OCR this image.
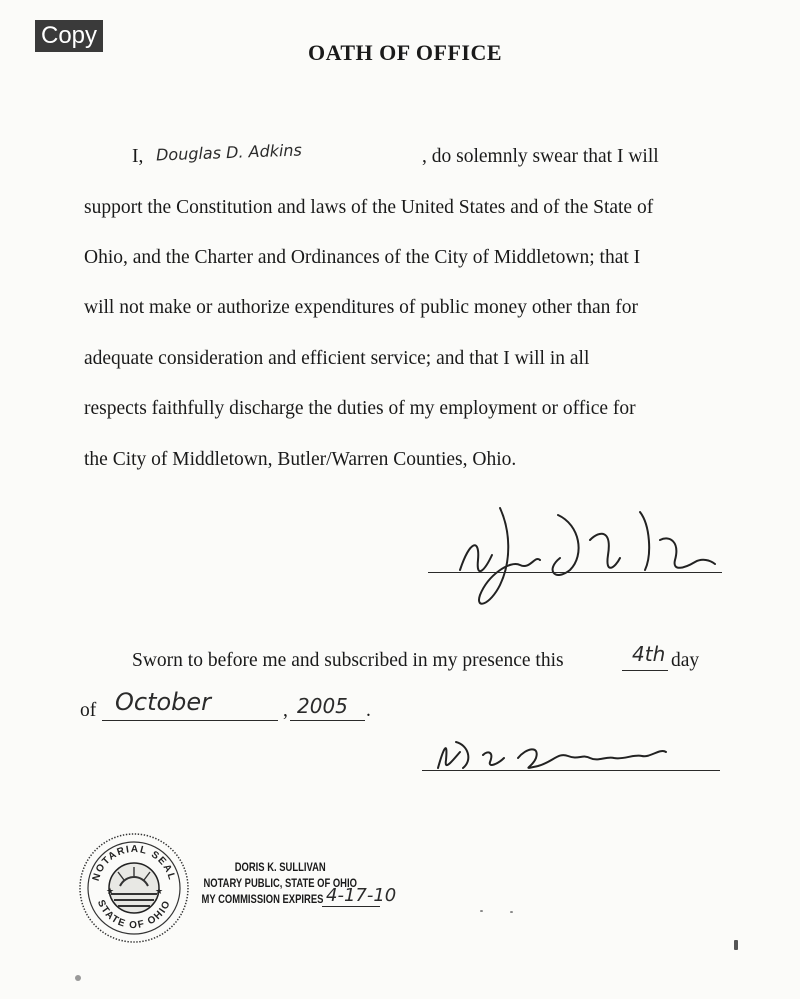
Copy
OATH OF OFFICE
I, Douglas D. Adkins	, do solemnly swear that I will
support the Constitution and laws of the United States and of the State of
Ohio, and the Charter and Ordinances of the City of Middletown; that I
will not make or authorize expenditures of public money other than for
adequate consideration and efficient service; and that I will in all
respects faithfully discharge the duties of my employment or office for
the City of Middletown, Butler/Warren Counties, Ohio.
Sworn to before me and subscribed in my presence this	4th day
of October	, 2005 .
NOTARIAL SEAL
STATE OF OHIO
★	★
DORIS K. SULLIVAN
NOTARY PUBLIC, STATE OF OHIO
MY COMMISSION EXPIRES 4-17-10
